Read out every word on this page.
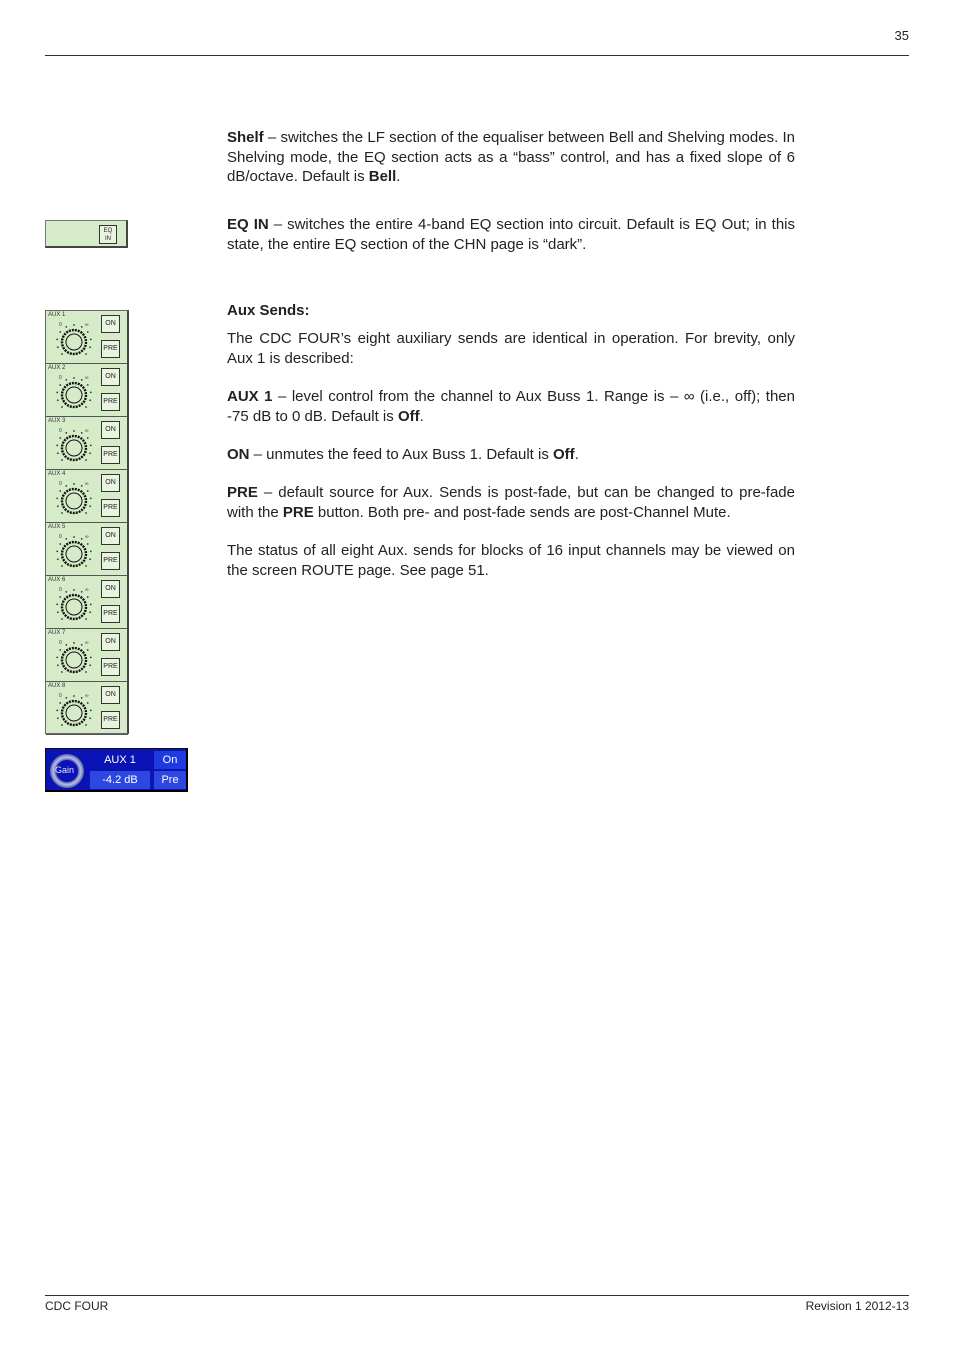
35

Shelf – switches the LF section of the equaliser between Bell and Shelving modes. In Shelving mode, the EQ section acts as a “bass” control, and has a fixed slope of 6 dB/octave. Default is Bell.

EQ
IN

EQ IN – switches the entire 4-band EQ section into circuit. Default is EQ Out; in this state, the entire EQ section of the CHN page is “dark”.

Aux Sends:

The CDC FOUR’s eight auxiliary sends are identical in operation. For brevity, only Aux 1 is described:

AUX 1 – level control from the channel to Aux Buss 1. Range is – ∞ (i.e., off); then -75 dB to 0 dB. Default is Off.

ON – unmutes the feed to Aux Buss 1. Default is Off.

PRE – default source for Aux. Sends is post-fade, but can be changed to pre-fade with the PRE button. Both pre- and post-fade sends are post-Channel Mute.

The status of all eight Aux. sends for blocks of 16 input channels may be viewed on the screen ROUTE page. See page 51.

AUX 1
0	∞	ON
PRE
AUX 2
0	∞	ON
PRE
AUX 3
0	∞	ON
PRE
AUX 4
0	∞	ON
PRE
AUX 5
0	∞	ON
PRE
AUX 6
0	∞	ON
PRE
AUX 7
0	∞	ON
PRE
AUX 8
0	∞	ON
PRE
Gain
AUX 1
-4.2 dB
On
Pre
CDC FOUR	Revision 1 2012-13
